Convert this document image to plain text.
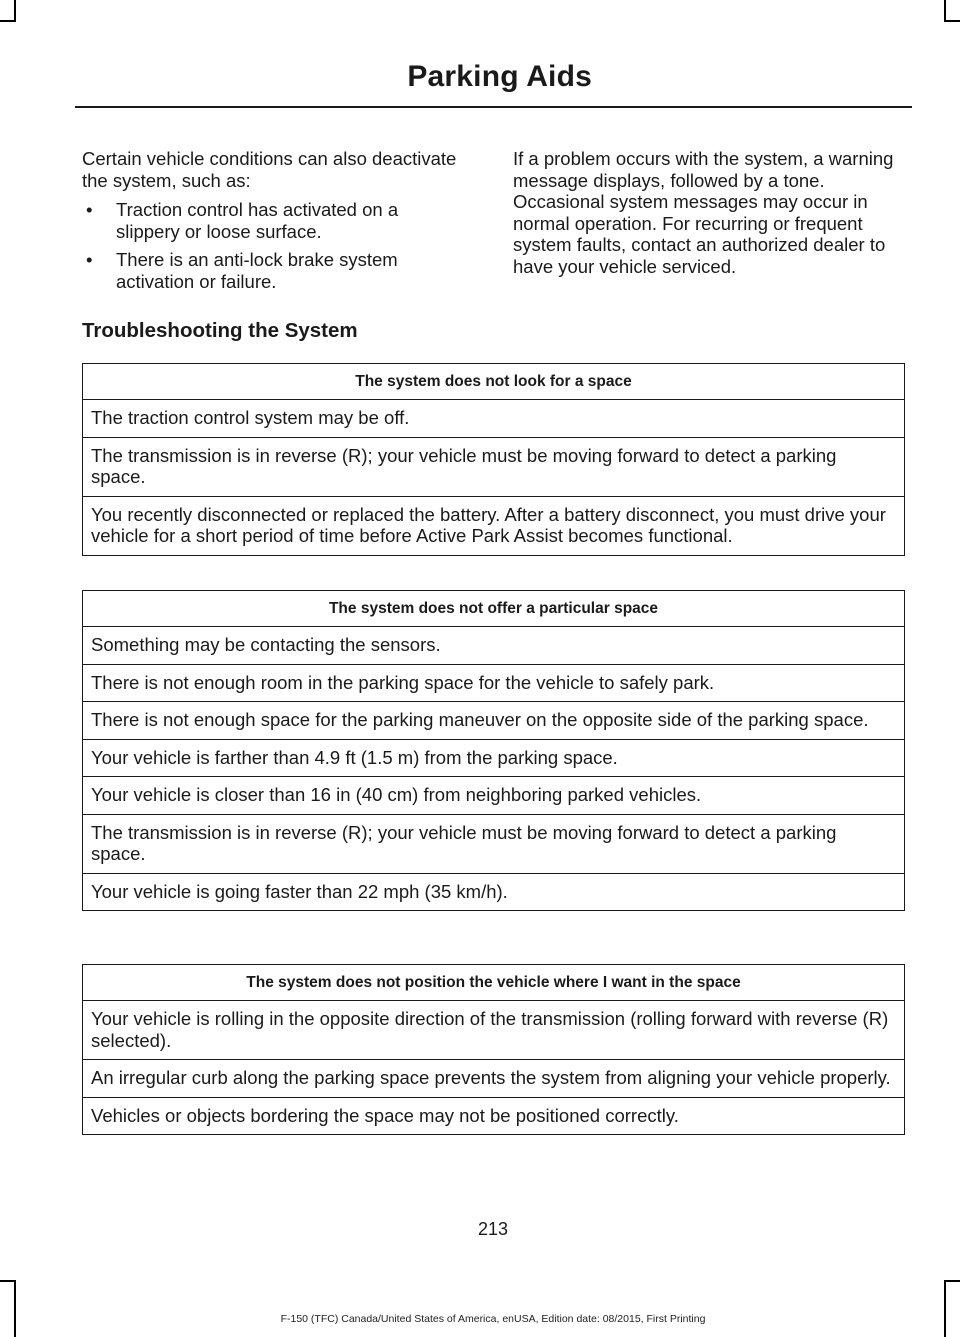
Parking Aids

Certain vehicle conditions can also deactivate the system, such as:

• Traction control has activated on a slippery or loose surface.
• There is an anti-lock brake system activation or failure.

If a problem occurs with the system, a warning message displays, followed by a tone. Occasional system messages may occur in normal operation. For recurring or frequent system faults, contact an authorized dealer to have your vehicle serviced.

Troubleshooting the System
The system does not look for a space
The traction control system may be off.
The transmission is in reverse (R); your vehicle must be moving forward to detect a parking space.
You recently disconnected or replaced the battery. After a battery disconnect, you must drive your vehicle for a short period of time before Active Park Assist becomes functional.
The system does not offer a particular space
Something may be contacting the sensors.
There is not enough room in the parking space for the vehicle to safely park.
There is not enough space for the parking maneuver on the opposite side of the parking space.
Your vehicle is farther than 4.9 ft (1.5 m) from the parking space.
Your vehicle is closer than 16 in (40 cm) from neighboring parked vehicles.
The transmission is in reverse (R); your vehicle must be moving forward to detect a parking space.
Your vehicle is going faster than 22 mph (35 km/h).
The system does not position the vehicle where I want in the space
Your vehicle is rolling in the opposite direction of the transmission (rolling forward with reverse (R) selected).
An irregular curb along the parking space prevents the system from aligning your vehicle properly.
Vehicles or objects bordering the space may not be positioned correctly.
213
F-150 (TFC) Canada/United States of America, enUSA, Edition date: 08/2015, First Printing
